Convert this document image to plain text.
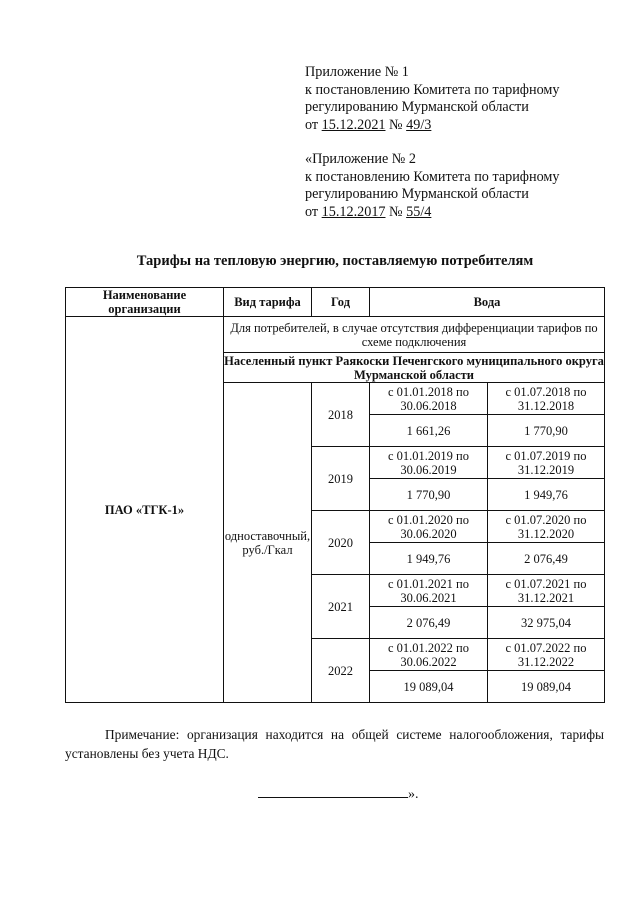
Приложение № 1
к постановлению Комитета по тарифному
регулированию Мурманской области
от 15.12.2021 № 49/3
«Приложение № 2
к постановлению Комитета по тарифному
регулированию Мурманской области
от 15.12.2017 № 55/4
Тарифы на тепловую энергию, поставляемую потребителям
Наименование организации	Вид тарифа	Год	Вода	
ПАО «ТГК-1»	Для потребителей, в случае отсутствия дифференциации тарифов по схеме подключения			
	Населенный пункт Раякоски Печенгского муниципального округа Мурманской области			
	одноставочный, руб./Гкал	2018	с 01.01.2018 по 30.06.2018	с 01.07.2018 по 31.12.2018
			1 661,26	1 770,90
		2019	с 01.01.2019 по 30.06.2019	с 01.07.2019 по 31.12.2019
			1 770,90	1 949,76
		2020	с 01.01.2020 по 30.06.2020	с 01.07.2020 по 31.12.2020
			1 949,76	2 076,49
		2021	с 01.01.2021 по 30.06.2021	с 01.07.2021 по 31.12.2021
			2 076,49	32 975,04
		2022	с 01.01.2022 по 30.06.2022	с 01.07.2022 по 31.12.2022
			19 089,04	19 089,04
Примечание: организация находится на общей системе налогообложения, тарифы установлены без учета НДС.
».
